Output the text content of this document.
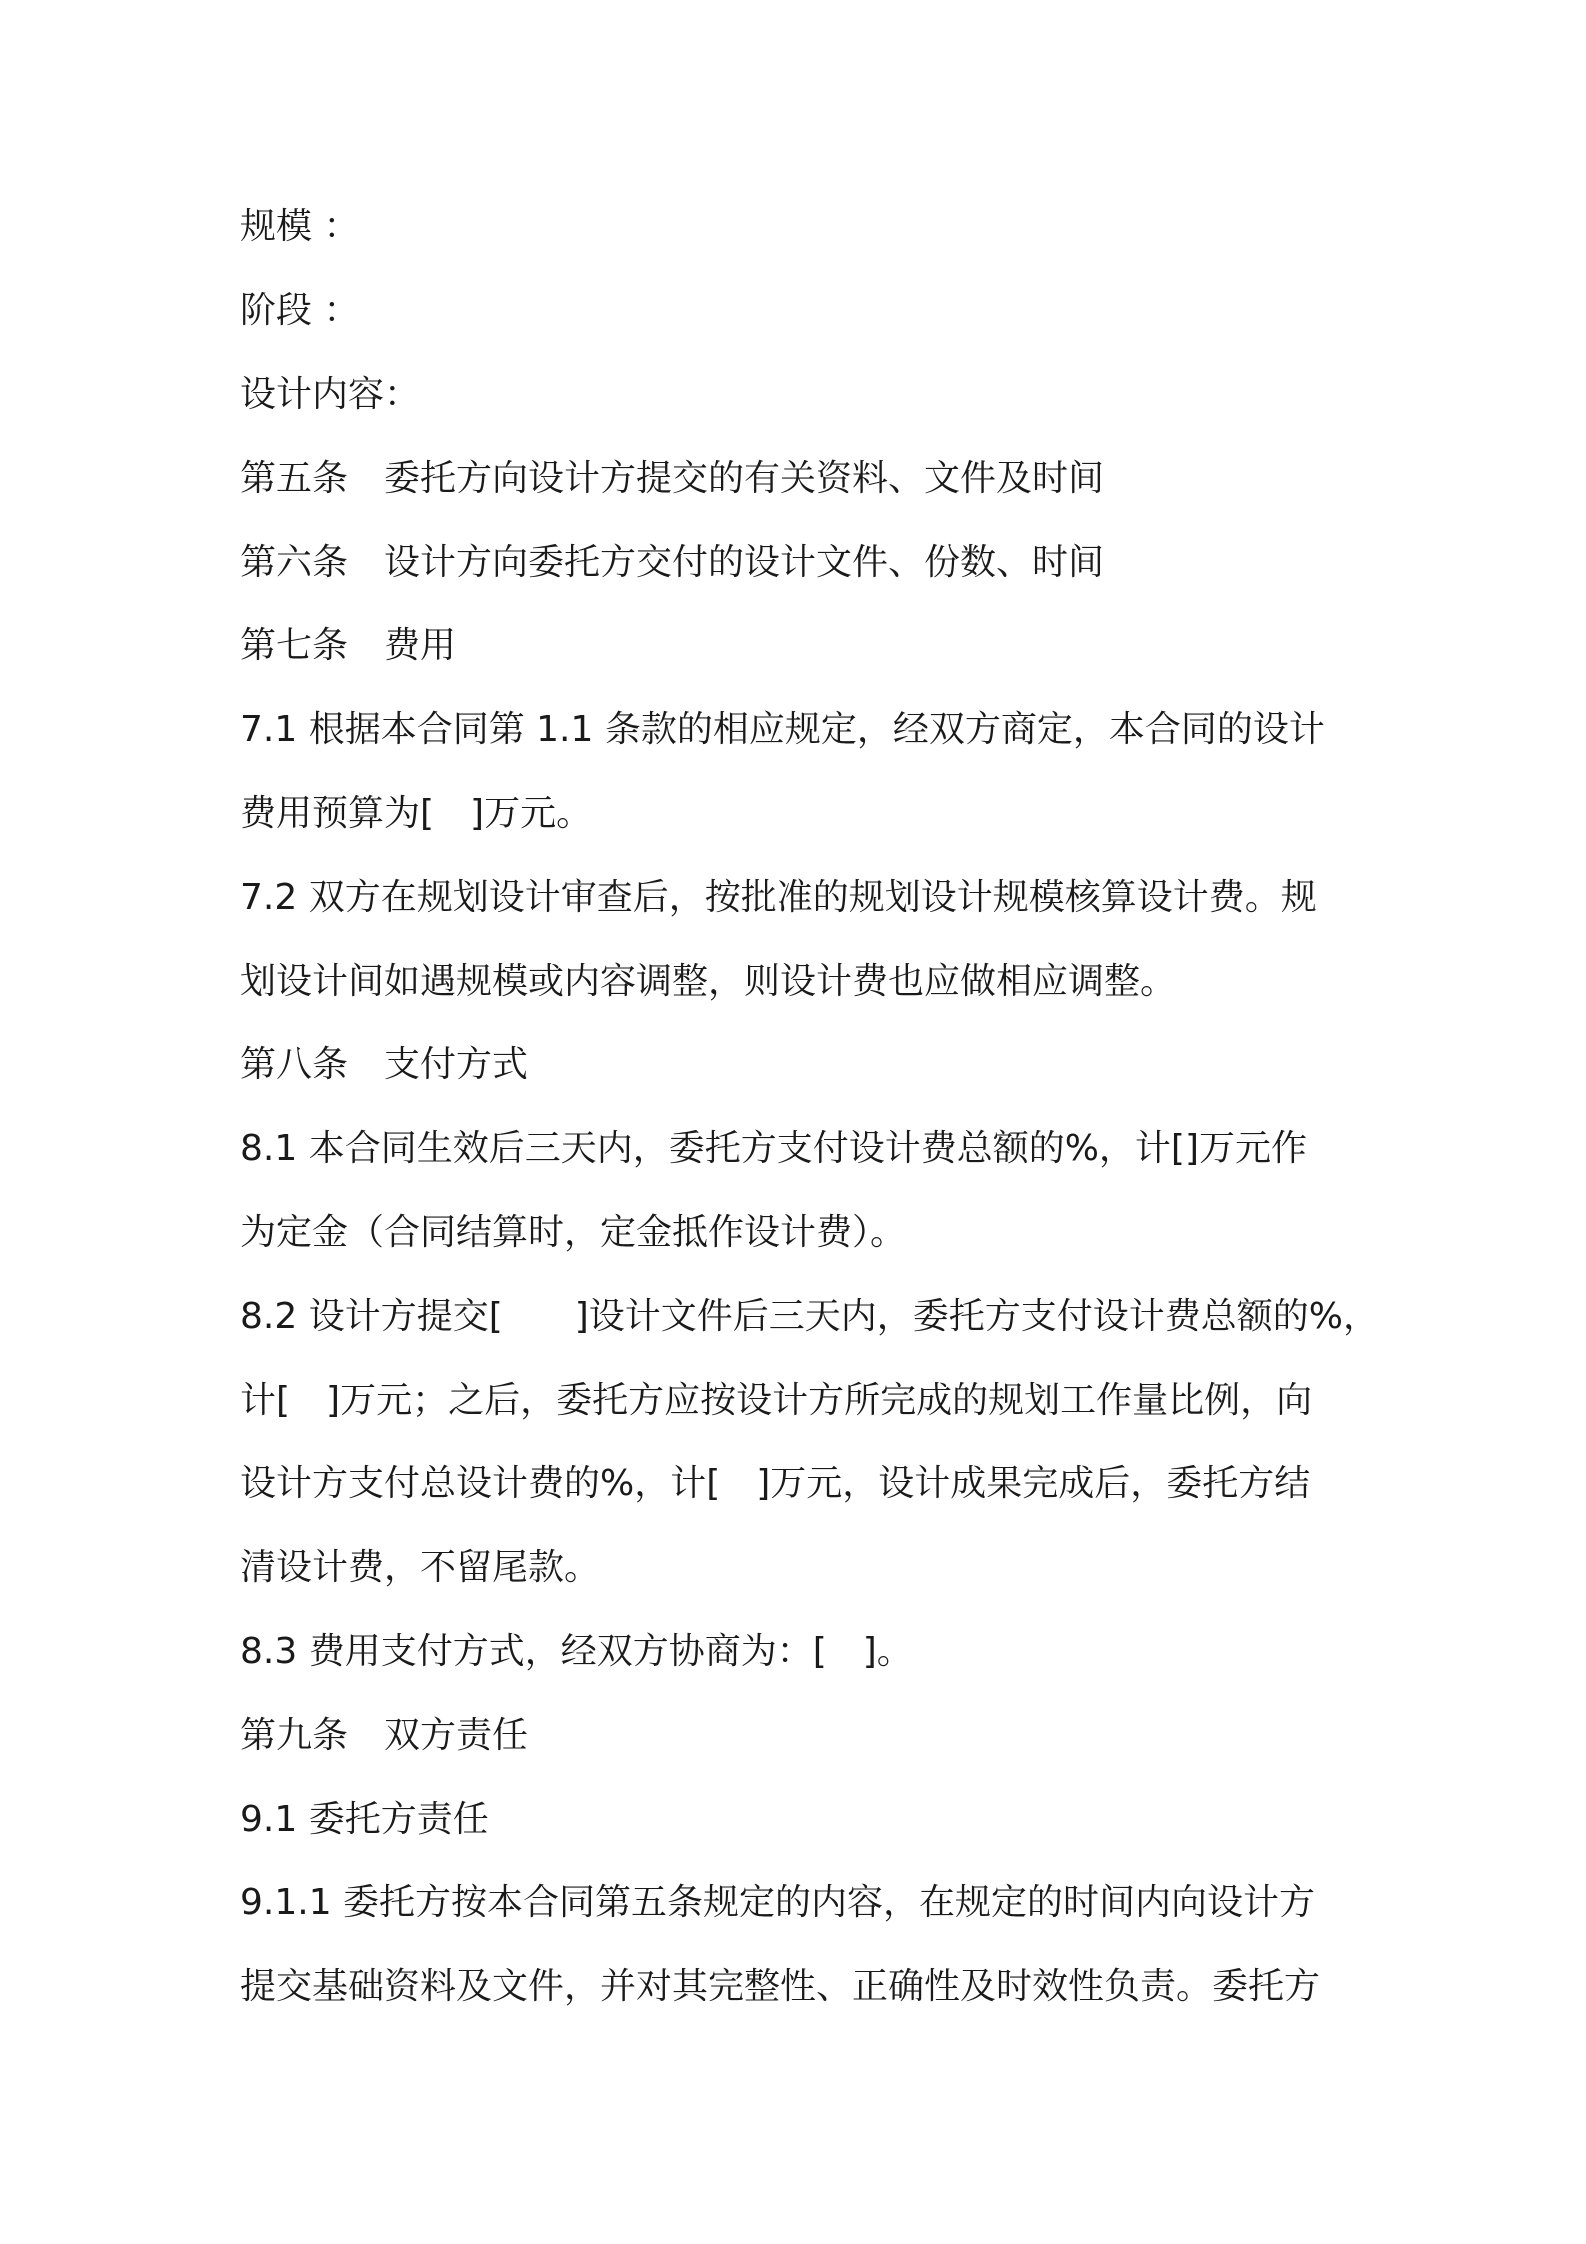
规模 ：
阶段 ：
设计内容：
第五条　委托方向设计方提交的有关资料、文件及时间
第六条　设计方向委托方交付的设计文件、份数、时间
第七条　费用
7.1 根据本合同第 1.1 条款的相应规定，经双方商定，本合同的设计
费用预算为[　]万元。
7.2 双方在规划设计审查后，按批准的规划设计规模核算设计费。规
划设计间如遇规模或内容调整，则设计费也应做相应调整。
第八条　支付方式
8.1 本合同生效后三天内，委托方支付设计费总额的%，计[]万元作
为定金（合同结算时，定金抵作设计费）。
8.2 设计方提交[　　]设计文件后三天内，委托方支付设计费总额的%，
计[　]万元；之后，委托方应按设计方所完成的规划工作量比例，向
设计方支付总设计费的%，计[　]万元，设计成果完成后，委托方结
清设计费，不留尾款。
8.3 费用支付方式，经双方协商为：[　]。
第九条　双方责任
9.1 委托方责任
9.1.1 委托方按本合同第五条规定的内容，在规定的时间内向设计方
提交基础资料及文件，并对其完整性、正确性及时效性负责。委托方
